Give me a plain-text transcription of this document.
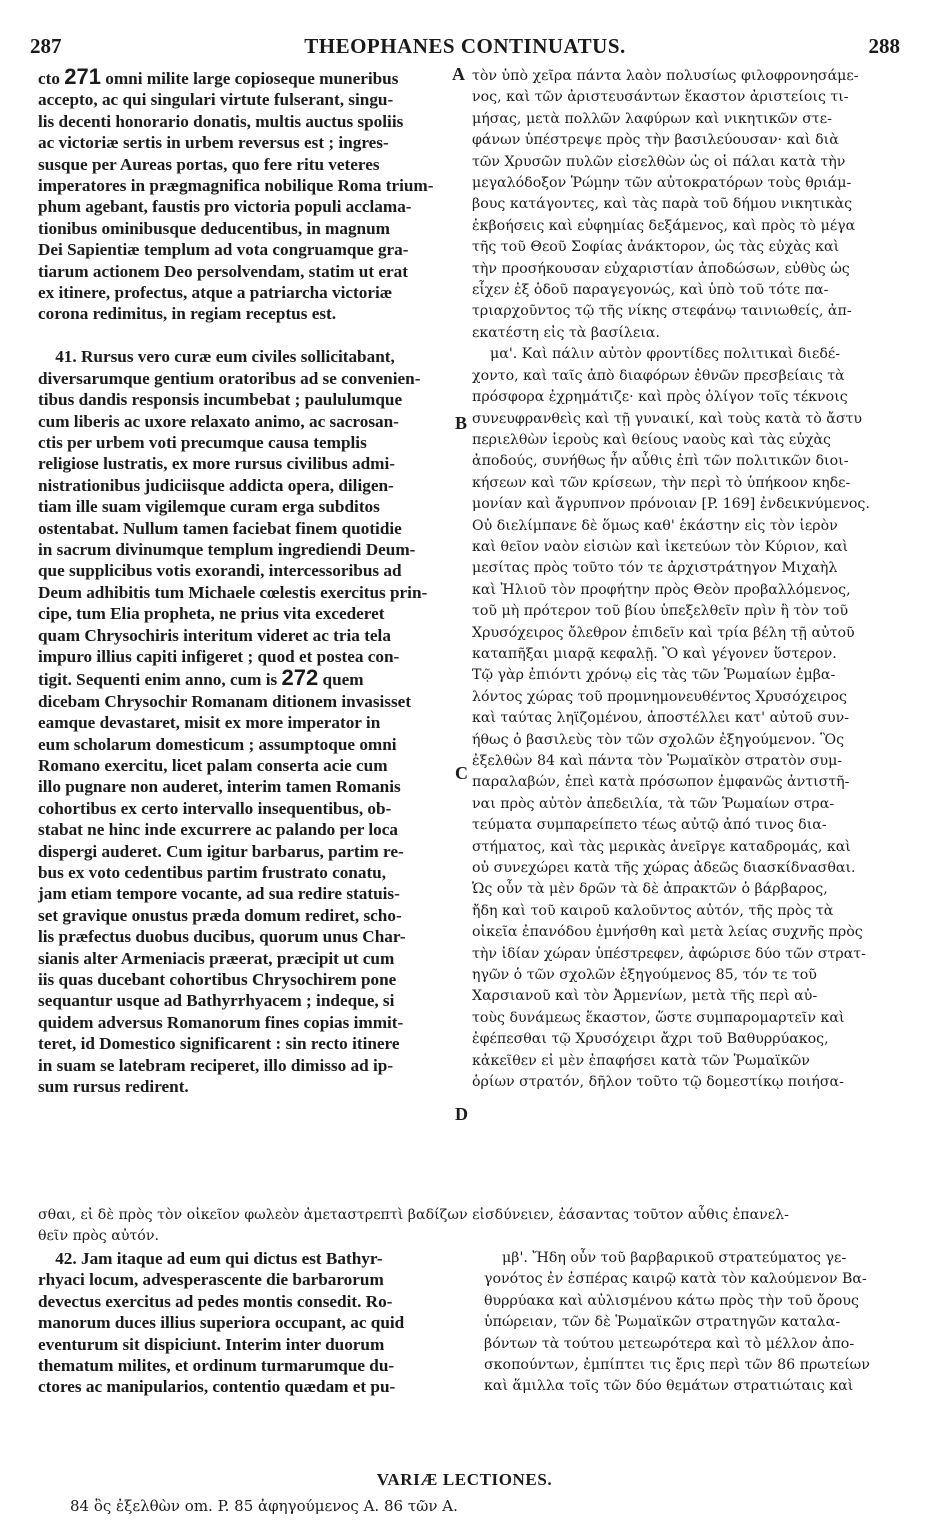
287	THEOPHANES CONTINUATUS.	288
cto 271 omni milite large copioseque muneribus
accepto, ac qui singulari virtute fulserant, singu-
lis decenti honorario donatis, multis auctus spoliis
ac victoriæ sertis in urbem reversus est ; ingres-
susque per Aureas portas, quo fere ritu veteres
imperatores in prægmagnifica nobilique Roma trium-
phum agebant, faustis pro victoria populi acclama-
tionibus ominibusque deducentibus, in magnum
Dei Sapientiæ templum ad vota congruamque gra-
tiarum actionem Deo persolvendam, statim ut erat
ex itinere, profectus, atque a patriarcha victoriæ
corona redimitus, in regiam receptus est.

41. Rursus vero curæ eum civiles sollicitabant,
diversarumque gentium oratoribus ad se convenien-
tibus dandis responsis incumbebat ; paululumque
cum liberis ac uxore relaxato animo, ac sacrosan-
ctis per urbem voti precumque causa templis
religiose lustratis, ex more rursus civilibus admi-
nistrationibus judiciisque addicta opera, diligen-
tiam ille suam vigilemque curam erga subditos
ostentabat. Nullum tamen faciebat finem quotidie
in sacrum divinumque templum ingrediendi Deum-
que supplicibus votis exorandi, intercessoribus ad
Deum adhibitis tum Michaele cœlestis exercitus prin-
cipe, tum Elia propheta, ne prius vita excederet
quam Chrysochiris interitum videret ac tria tela
impuro illius capiti infigeret ; quod et postea con-
tigit. Sequenti enim anno, cum is 272 quem
dicebam Chrysochir Romanam ditionem invasisset
eamque devastaret, misit ex more imperator in
eum scholarum domesticum ; assumptoque omni
Romano exercitu, licet palam conserta acie cum
illo pugnare non auderet, interim tamen Romanis
cohortibus ex certo intervallo insequentibus, ob-
stabat ne hinc inde excurrere ac palando per loca
dispergi auderet. Cum igitur barbarus, partim re-
bus ex voto cedentibus partim frustrato conatu,
jam etiam tempore vocante, ad sua redire statuis-
set gravique onustus præda domum rediret, scho-
lis præfectus duobus ducibus, quorum unus Char-
sianis alter Armeniacis præerat, præcipit ut cum
iis quas ducebant cohortibus Chrysochirem pone
sequantur usque ad Bathyrrhyacem ; indeque, si
quidem adversus Romanorum fines copias immit-
teret, id Domestico significarent : sin recto itinere
in suam se latebram reciperet, illo dimisso ad ip-
sum rursus redirent.
τὸν ὑπὸ χεῖρα πάντα λαὸν πολυσίως φιλοφρονησάμε-
νος, καὶ τῶν ἀριστευσάντων ἕκαστον ἀριστείοις τι-
μήσας, μετὰ πολλῶν λαφύρων καὶ νικητικῶν στε-
φάνων ὑπέστρεψε πρὸς τὴν βασιλεύουσαν· καὶ διὰ
τῶν Χρυσῶν πυλῶν εἰσελθὼν ὡς οἱ πάλαι κατὰ τὴν
μεγαλόδοξον Ῥώμην τῶν αὐτοκρατόρων τοὺς θριάμ-
βους κατάγοντες, καὶ τὰς παρὰ τοῦ δήμου νικητικὰς
ἐκβοήσεις καὶ εὐφημίας δεξάμενος, καὶ πρὸς τὸ μέγα
τῆς τοῦ Θεοῦ Σοφίας ἀνάκτορον, ὡς τὰς εὐχὰς καὶ
τὴν προσήκουσαν εὐχαριστίαν ἀποδώσων, εὐθὺς ὡς
εἶχεν ἐξ ὁδοῦ παραγεγονώς, καὶ ὑπὸ τοῦ τότε πα-
τριαρχοῦντος τῷ τῆς νίκης στεφάνῳ ταινιωθείς, ἀπ-
εκατέστη εἰς τὰ βασίλεια.
μα'. Καὶ πάλιν αὐτὸν φροντίδες πολιτικαὶ διεδέ-
χοντο, καὶ ταῖς ἀπὸ διαφόρων ἐθνῶν πρεσβείαις τὰ
πρόσφορα ἐχρημάτιζε· καὶ πρὸς ὀλίγον τοῖς τέκνοις
συνευφρανθεὶς καὶ τῇ γυναικί, καὶ τοὺς κατὰ τὸ ἄστυ
περιελθὼν ἱεροὺς καὶ θείους ναοὺς καὶ τὰς εὐχὰς
ἀποδούς, συνήθως ἦν αὖθις ἐπὶ τῶν πολιτικῶν διοι-
κήσεων καὶ τῶν κρίσεων, τὴν περὶ τὸ ὑπήκοον κηδε-
μονίαν καὶ ἄγρυπνον πρόνοιαν [P. 169] ἐνδεικνύμενος.
Οὐ διελίμπανε δὲ ὅμως καθ' ἑκάστην εἰς τὸν ἱερὸν
καὶ θεῖον ναὸν εἰσιὼν καὶ ἱκετεύων τὸν Κύριον, καὶ
μεσίτας πρὸς τοῦτο τόν τε ἀρχιστράτηγον Μιχαὴλ
καὶ Ἠλιοῦ τὸν προφήτην πρὸς Θεὸν προβαλλόμενος,
τοῦ μὴ πρότερον τοῦ βίου ὑπεξελθεῖν πρὶν ἢ τὸν τοῦ
Χρυσόχειρος ὄλεθρον ἐπιδεῖν καὶ τρία βέλη τῇ αὐτοῦ
καταπῆξαι μιαρᾷ κεφαλῇ. Ὃ καὶ γέγονεν ὕστερον.
Τῷ γὰρ ἐπιόντι χρόνῳ εἰς τὰς τῶν Ῥωμαίων ἐμβα-
λόντος χώρας τοῦ προμνημονευθέντος Χρυσόχειρος
καὶ ταύτας ληϊζομένου, ἀποστέλλει κατ' αὐτοῦ συν-
ήθως ὁ βασιλεὺς τὸν τῶν σχολῶν ἐξηγούμενον. Ὃς
ἐξελθὼν 84 καὶ πάντα τὸν Ῥωμαϊκὸν στρατὸν συμ-
παραλαβών, ἐπεὶ κατὰ πρόσωπον ἐμφανῶς ἀντιστῆ-
ναι πρὸς αὐτὸν ἀπεδειλία, τὰ τῶν Ῥωμαίων στρα-
τεύματα συμπαρείπετο τέως αὐτῷ ἀπό τινος δια-
στήματος, καὶ τὰς μερικὰς ἀνεῖργε καταδρομάς, καὶ
οὐ συνεχώρει κατὰ τῆς χώρας ἀδεῶς διασκίδνασθαι.
Ὡς οὖν τὰ μὲν δρῶν τὰ δὲ ἀπρακτῶν ὁ βάρβαρος,
ἤδη καὶ τοῦ καιροῦ καλοῦντος αὐτόν, τῆς πρὸς τὰ
οἰκεῖα ἐπανόδου ἐμνήσθη καὶ μετὰ λείας συχνῆς πρὸς
τὴν ἰδίαν χώραν ὑπέστρεφεν, ἀφώρισε δύο τῶν στρατ-
ηγῶν ὁ τῶν σχολῶν ἐξηγούμενος 85, τόν τε τοῦ
Χαρσιανοῦ καὶ τὸν Ἀρμενίων, μετὰ τῆς περὶ αὐ-
τοὺς δυνάμεως ἕκαστον, ὥστε συμπαρομαρτεῖν καὶ
ἐφέπεσθαι τῷ Χρυσόχειρι ἄχρι τοῦ Βαθυρρύακος,
κἀκεῖθεν εἰ μὲν ἐπαφήσει κατὰ τῶν Ῥωμαϊκῶν
ὁρίων στρατόν, δῆλον τοῦτο τῷ δομεστίκῳ ποιήσα-
A
B
C
D
σθαι, εἰ δὲ πρὸς τὸν οἰκεῖον φωλεὸν ἀμεταστρεπτὶ βαδίζων εἰσδύνειεν, ἐάσαντας τοῦτον αὖθις ἐπανελ-
θεῖν πρὸς αὐτόν.
42. Jam itaque ad eum qui dictus est Bathyr-
rhyaci locum, advesperascente die barbarorum
devectus exercitus ad pedes montis consedit. Ro-
manorum duces illius superiora occupant, ac quid
eventurum sit dispiciunt. Interim inter duorum
thematum milites, et ordinum turmarumque du-
ctores ac manipularios, contentio quædam et pu-
μβ'. Ἤδη οὖν τοῦ βαρβαρικοῦ στρατεύματος γε-
γονότος ἐν ἑσπέρας καιρῷ κατὰ τὸν καλούμενον Βα-
θυρρύακα καὶ αὐλισμένου κάτω πρὸς τὴν τοῦ ὄρους
ὑπώρειαν, τῶν δὲ Ῥωμαϊκῶν στρατηγῶν καταλα-
βόντων τὰ τούτου μετεωρότερα καὶ τὸ μέλλον ἀπο-
σκοπούντων, ἐμπίπτει τις ἔρις περὶ τῶν 86 πρωτείων
καὶ ἅμιλλα τοῖς τῶν δύο θεμάτων στρατιώταις καὶ
VARIÆ LECTIONES.
84 ὃς ἐξελθὼν om. P. 85 ἀφηγούμενος A. 86 τῶν A.
